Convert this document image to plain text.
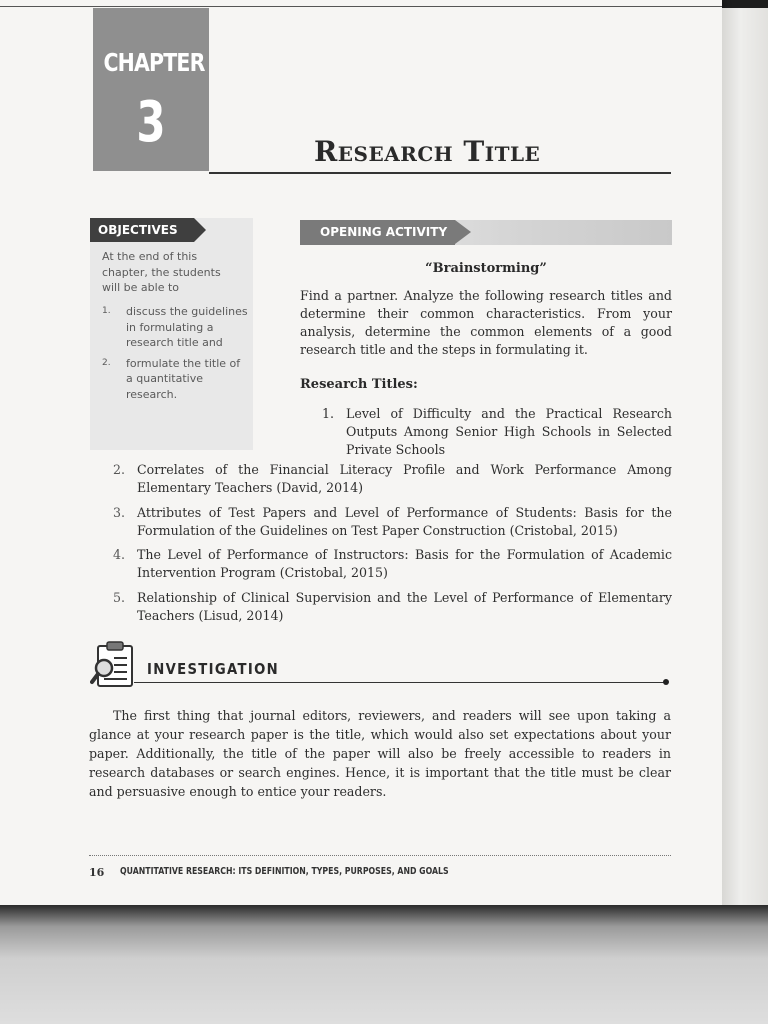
CHAPTER
3	Research Title
OBJECTIVES
At the end of this chapter, the students will be able to
1. discuss the guidelines in formulating a research title and
2. formulate the title of a quantitative research.
OPENING ACTIVITY
“Brainstorming”

Find a partner. Analyze the following research titles and determine their common characteristics. From your analysis, determine the common elements of a good research title and the steps in formulating it.

Research Titles:
1. Level of Difficulty and the Practical Research Outputs Among Senior High Schools in Selected Private Schools
2. Correlates of the Financial Literacy Profile and Work Performance Among Elementary Teachers (David, 2014)
3. Attributes of Test Papers and Level of Performance of Students: Basis for the Formulation of the Guidelines on Test Paper Construction (Cristobal, 2015)
4. The Level of Performance of Instructors: Basis for the Formulation of Academic Intervention Program (Cristobal, 2015)
5. Relationship of Clinical Supervision and the Level of Performance of Elementary Teachers (Lisud, 2014)
INVESTIGATION

The first thing that journal editors, reviewers, and readers will see upon taking a glance at your research paper is the title, which would also set expectations about your paper. Additionally, the title of the paper will also be freely accessible to readers in research databases or search engines. Hence, it is important that the title must be clear and persuasive enough to entice your readers.

16 QUANTITATIVE RESEARCH: ITS DEFINITION, TYPES, PURPOSES, AND GOALS
